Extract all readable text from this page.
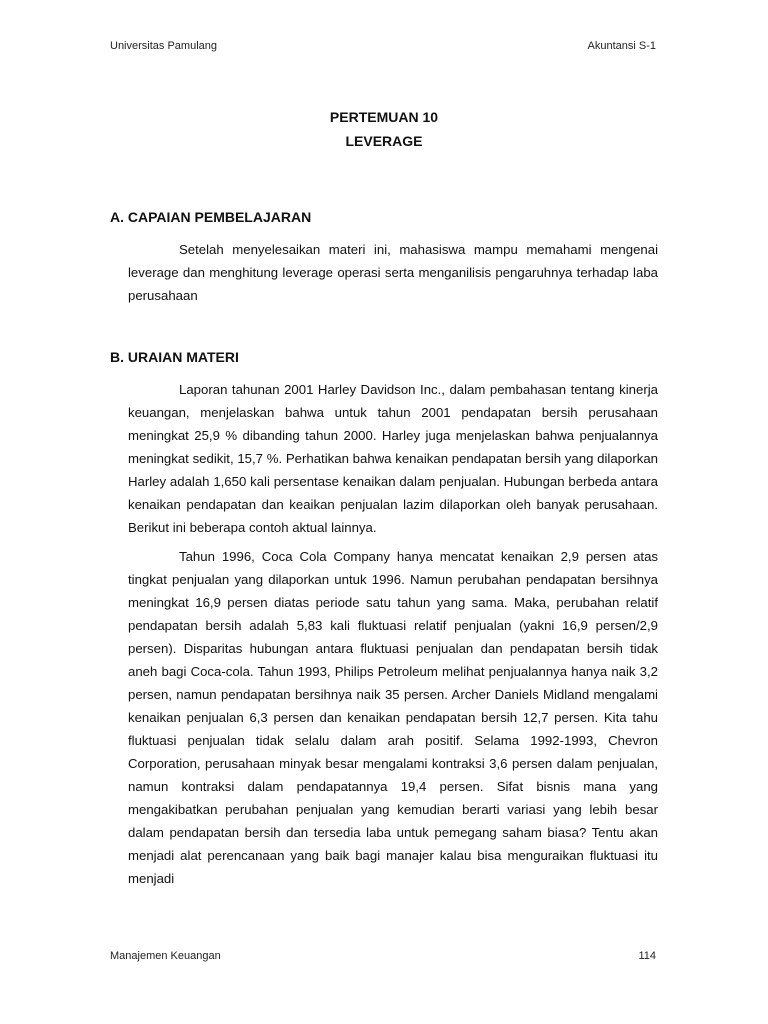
Universitas Pamulang	Akuntansi S-1
PERTEMUAN 10
LEVERAGE
A. CAPAIAN PEMBELAJARAN

Setelah menyelesaikan materi ini, mahasiswa mampu memahami mengenai leverage dan menghitung leverage operasi serta menganilisis pengaruhnya terhadap laba perusahaan

B. URAIAN MATERI

Laporan tahunan 2001 Harley Davidson Inc., dalam pembahasan tentang kinerja keuangan, menjelaskan bahwa untuk tahun 2001 pendapatan bersih perusahaan meningkat 25,9 % dibanding tahun 2000. Harley juga menjelaskan bahwa penjualannya meningkat sedikit, 15,7 %. Perhatikan bahwa kenaikan pendapatan bersih yang dilaporkan Harley adalah 1,650 kali persentase kenaikan dalam penjualan. Hubungan berbeda antara kenaikan pendapatan dan keaikan penjualan lazim dilaporkan oleh banyak perusahaan. Berikut ini beberapa contoh aktual lainnya.

Tahun 1996, Coca Cola Company hanya mencatat kenaikan 2,9 persen atas tingkat penjualan yang dilaporkan untuk 1996. Namun perubahan pendapatan bersihnya meningkat 16,9 persen diatas periode satu tahun yang sama. Maka, perubahan relatif pendapatan bersih adalah 5,83 kali fluktuasi relatif penjualan (yakni 16,9 persen/2,9 persen). Disparitas hubungan antara fluktuasi penjualan dan pendapatan bersih tidak aneh bagi Coca-cola. Tahun 1993, Philips Petroleum melihat penjualannya hanya naik 3,2 persen, namun pendapatan bersihnya naik 35 persen. Archer Daniels Midland mengalami kenaikan penjualan 6,3 persen dan kenaikan pendapatan bersih 12,7 persen. Kita tahu fluktuasi penjualan tidak selalu dalam arah positif. Selama 1992-1993, Chevron Corporation, perusahaan minyak besar mengalami kontraksi 3,6 persen dalam penjualan, namun kontraksi dalam pendapatannya 19,4 persen. Sifat bisnis mana yang mengakibatkan perubahan penjualan yang kemudian berarti variasi yang lebih besar dalam pendapatan bersih dan tersedia laba untuk pemegang saham biasa? Tentu akan menjadi alat perencanaan yang baik bagi manajer kalau bisa menguraikan fluktuasi itu menjadi

Manajemen Keuangan	114
